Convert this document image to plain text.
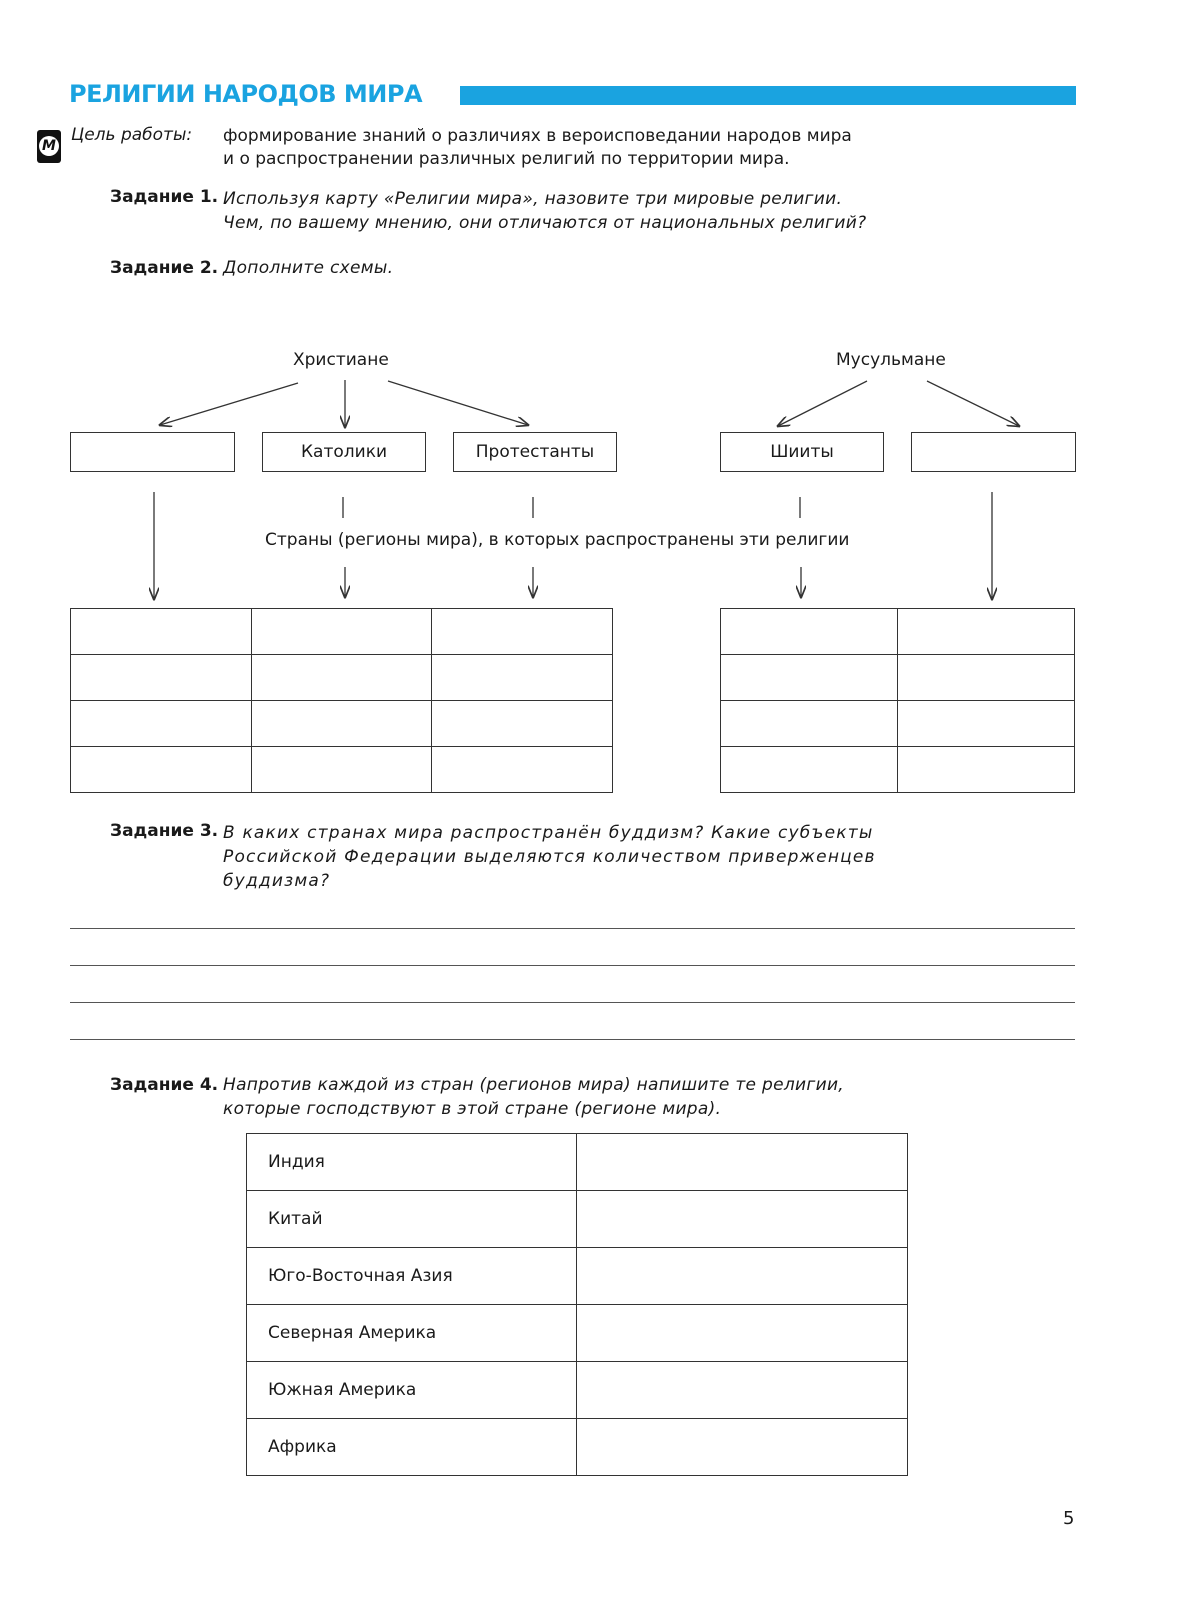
РЕЛИГИИ НАРОДОВ МИРА
М
Цель работы: формирование знаний о различиях в вероисповедании народов мира
и о распространении различных религий по территории мира.
Задание 1. Используя карту «Религии мира», назовите три мировые религии.
Чем, по вашему мнению, они отличаются от национальных религий?
Задание 2. Дополните схемы.
Христиане	Мусульмане
Католики	Протестанты	Шииты
Страны (регионы мира), в которых распространены эти религии

Задание 3. В каких странах мира распространён буддизм? Какие субъекты
Российской Федерации выделяются количеством приверженцев
буддизма?
Задание 4. Напротив каждой из стран (регионов мира) напишите те религии,
которые господствуют в этой стране (регионе мира).
Индия	
Китай	
Юго-Восточная Азия	
Северная Америка	
Южная Америка	
Африка	
5
